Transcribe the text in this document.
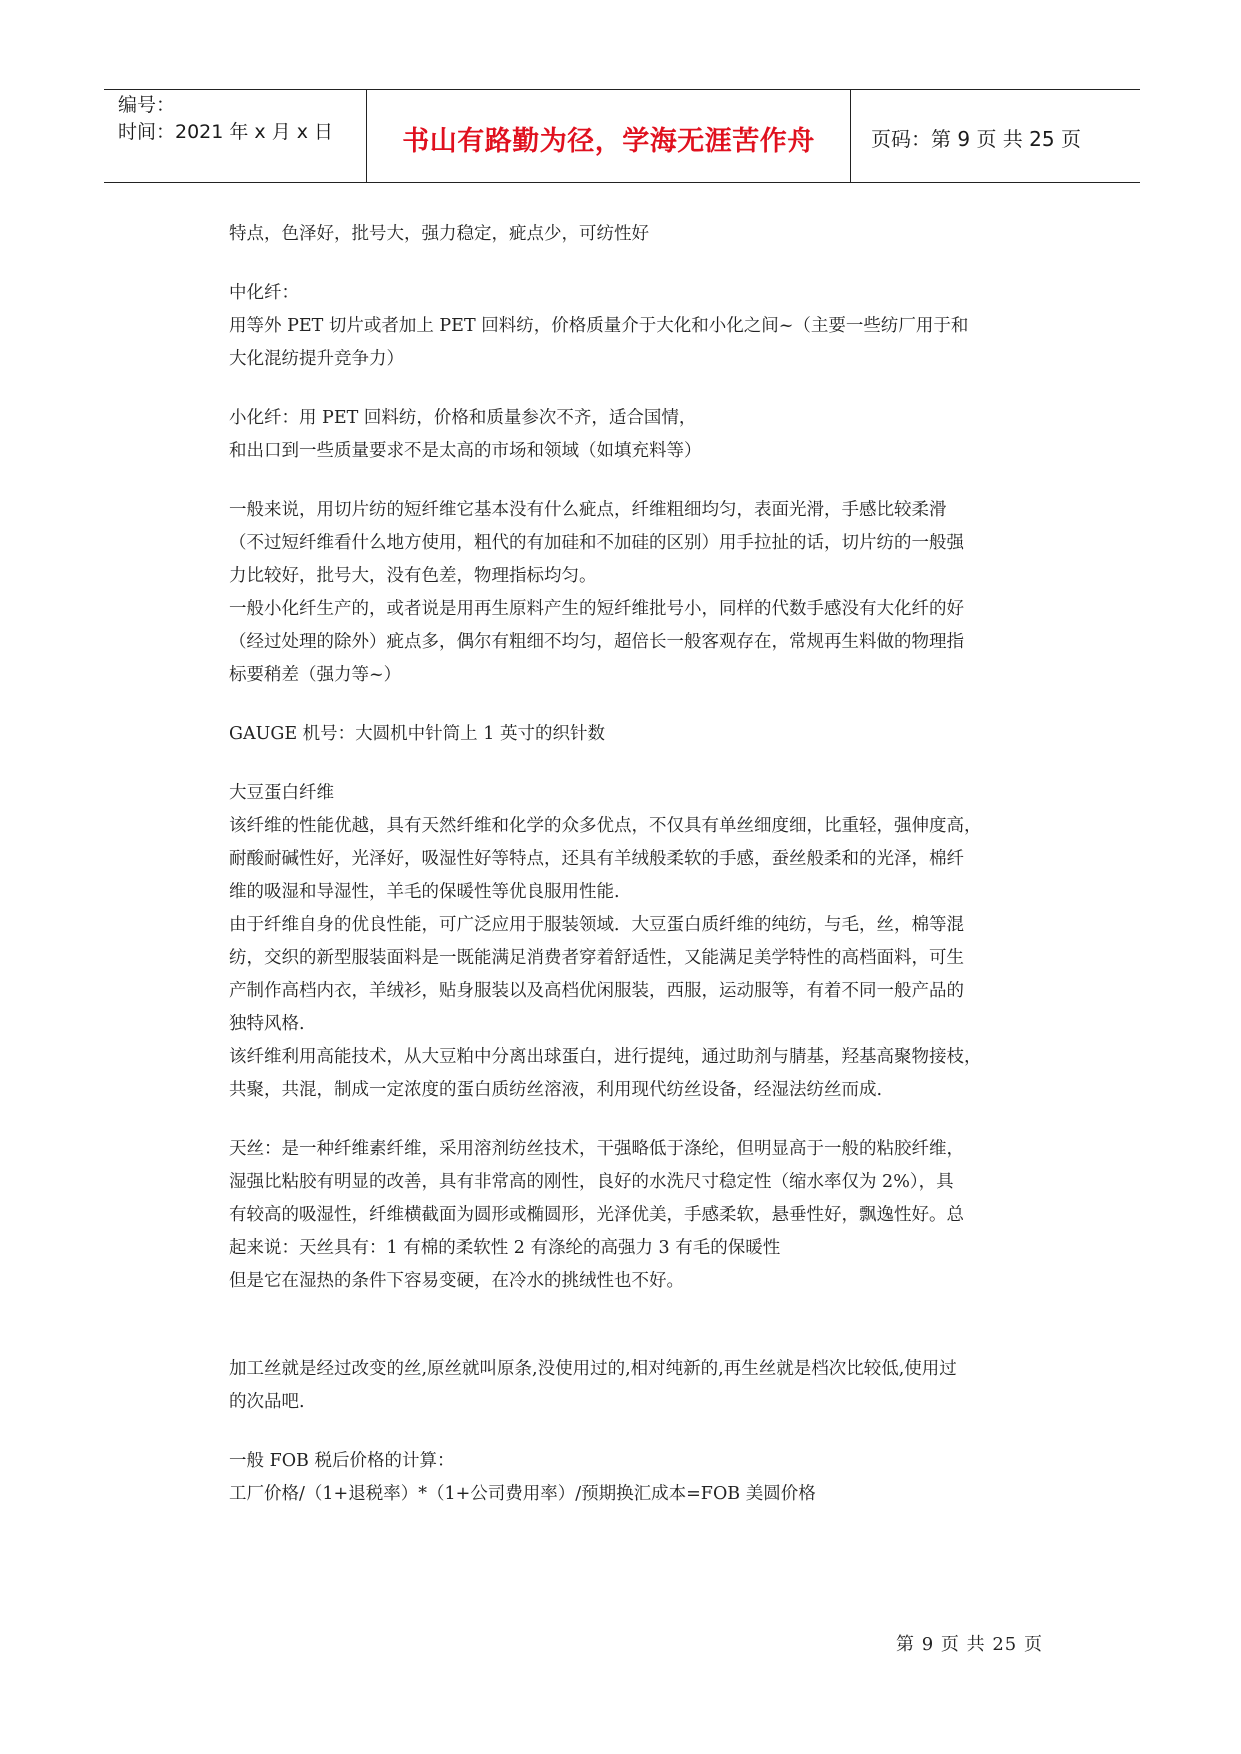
编号：
时间：2021 年 x 月 x 日	书山有路勤为径，学海无涯苦作舟	页码：第 9 页 共 25 页
特点，色泽好，批号大，强力稳定，疵点少，可纺性好
中化纤：
用等外 PET 切片或者加上 PET 回料纺，价格质量介于大化和小化之间~（主要一些纺厂用于和
大化混纺提升竞争力）
小化纤：用 PET 回料纺，价格和质量参次不齐，适合国情，
和出口到一些质量要求不是太高的市场和领域（如填充料等）
一般来说，用切片纺的短纤维它基本没有什么疵点，纤维粗细均匀，表面光滑，手感比较柔滑
（不过短纤维看什么地方使用，粗代的有加硅和不加硅的区别）用手拉扯的话，切片纺的一般强
力比较好，批号大，没有色差，物理指标均匀。
一般小化纤生产的，或者说是用再生原料产生的短纤维批号小，同样的代数手感没有大化纤的好
（经过处理的除外）疵点多，偶尔有粗细不均匀，超倍长一般客观存在，常规再生料做的物理指
标要稍差（强力等~）
GAUGE 机号：大圆机中针筒上 1 英寸的织针数
大豆蛋白纤维
该纤维的性能优越，具有天然纤维和化学的众多优点，不仅具有单丝细度细，比重轻，强伸度高，
耐酸耐碱性好，光泽好，吸湿性好等特点，还具有羊绒般柔软的手感，蚕丝般柔和的光泽，棉纤
维的吸湿和导湿性，羊毛的保暖性等优良服用性能.
由于纤维自身的优良性能，可广泛应用于服装领域．大豆蛋白质纤维的纯纺，与毛，丝，棉等混
纺，交织的新型服装面料是一既能满足消费者穿着舒适性，又能满足美学特性的高档面料，可生
产制作高档内衣，羊绒衫，贴身服装以及高档优闲服装，西服，运动服等，有着不同一般产品的
独特风格.
该纤维利用高能技术，从大豆粕中分离出球蛋白，进行提纯，通过助剂与腈基，羟基高聚物接枝，
共聚，共混，制成一定浓度的蛋白质纺丝溶液，利用现代纺丝设备，经湿法纺丝而成.
天丝：是一种纤维素纤维，采用溶剂纺丝技术，干强略低于涤纶，但明显高于一般的粘胶纤维，
湿强比粘胶有明显的改善，具有非常高的刚性，良好的水洗尺寸稳定性（缩水率仅为 2%），具
有较高的吸湿性，纤维横截面为圆形或椭圆形，光泽优美，手感柔软，悬垂性好，飘逸性好。总
起来说：天丝具有：1 有棉的柔软性 2 有涤纶的高强力 3 有毛的保暖性
但是它在湿热的条件下容易变硬，在冷水的挑绒性也不好。
加工丝就是经过改变的丝,原丝就叫原条,没使用过的,相对纯新的,再生丝就是档次比较低,使用过
的次品吧.
一般 FOB 税后价格的计算：
工厂价格/（1+退税率）*（1+公司费用率）/预期换汇成本=FOB 美圆价格
第 9 页 共 25 页
